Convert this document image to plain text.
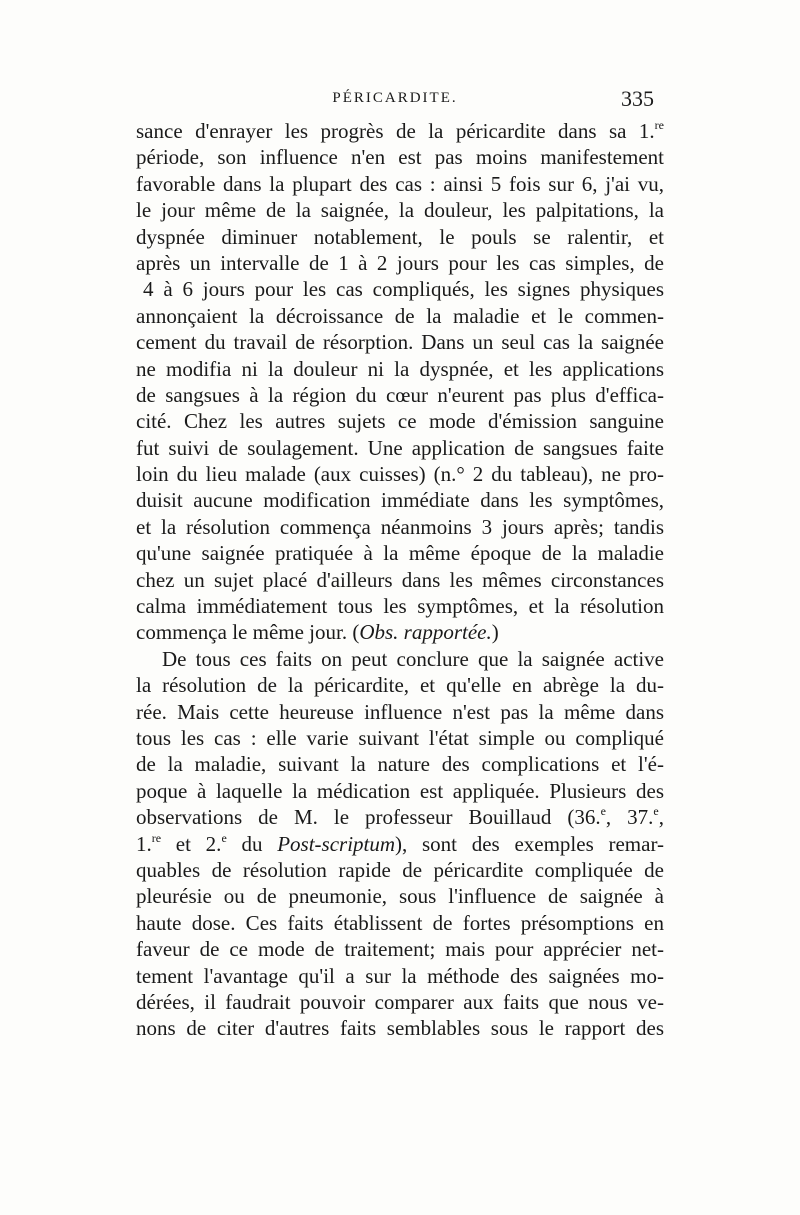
PÉRICARDITE.	335
sance d'enrayer les progrès de la péricardite dans sa 1.$^{re}$
période, son influence n'en est pas moins manifestement
favorable dans la plupart des cas : ainsi 5 fois sur 6, j'ai vu,
le jour même de la saignée, la douleur, les palpitations, la
dyspnée diminuer notablement, le pouls se ralentir, et
après un intervalle de 1 à 2 jours pour les cas simples, de
4 à 6 jours pour les cas compliqués, les signes physiques
annonçaient la décroissance de la maladie et le commen-
cement du travail de résorption. Dans un seul cas la saignée
ne modifia ni la douleur ni la dyspnée, et les applications
de sangsues à la région du cœur n'eurent pas plus d'effica-
cité. Chez les autres sujets ce mode d'émission sanguine
fut suivi de soulagement. Une application de sangsues faite
loin du lieu malade (aux cuisses) (n.° 2 du tableau), ne pro-
duisit aucune modification immédiate dans les symptômes,
et la résolution commença néanmoins 3 jours après; tandis
qu'une saignée pratiquée à la même époque de la maladie
chez un sujet placé d'ailleurs dans les mêmes circonstances
calma immédiatement tous les symptômes, et la résolution
commença le même jour. (Obs. rapportée.)
De tous ces faits on peut conclure que la saignée active
la résolution de la péricardite, et qu'elle en abrège la du-
rée. Mais cette heureuse influence n'est pas la même dans
tous les cas : elle varie suivant l'état simple ou compliqué
de la maladie, suivant la nature des complications et l'é-
poque à laquelle la médication est appliquée. Plusieurs des
observations de M. le professeur Bouillaud (36.$^e$, 37.$^e$,
1.$^{re}$ et 2.$^e$ du Post-scriptum), sont des exemples remar-
quables de résolution rapide de péricardite compliquée de
pleurésie ou de pneumonie, sous l'influence de saignée à
haute dose. Ces faits établissent de fortes présomptions en
faveur de ce mode de traitement; mais pour apprécier net-
tement l'avantage qu'il a sur la méthode des saignées mo-
dérées, il faudrait pouvoir comparer aux faits que nous ve-
nons de citer d'autres faits semblables sous le rapport des
